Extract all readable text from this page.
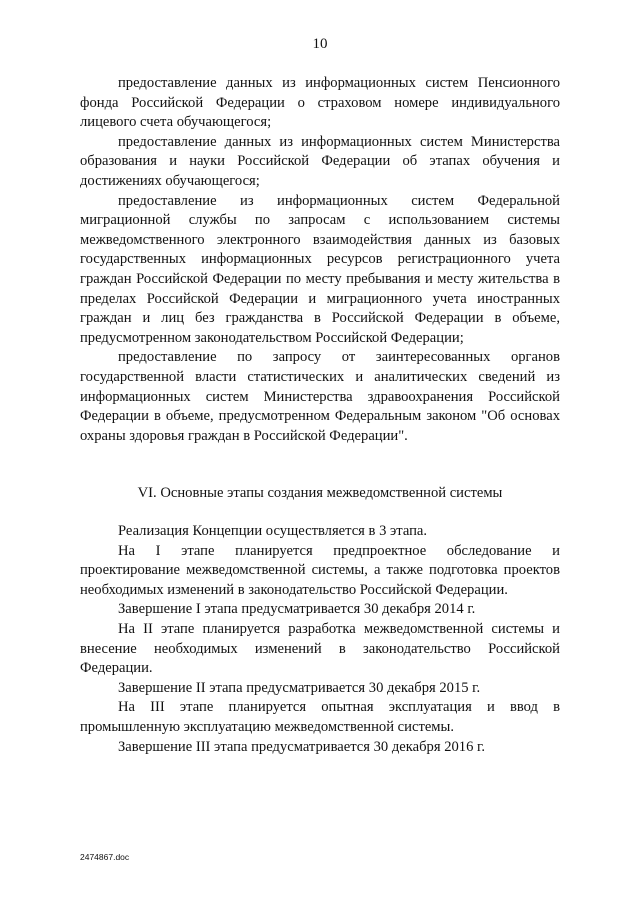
10

предоставление данных из информационных систем Пенсионного фонда Российской Федерации о страховом номере индивидуального лицевого счета обучающегося;

предоставление данных из информационных систем Министерства образования и науки Российской Федерации об этапах обучения и достижениях обучающегося;

предоставление из информационных систем Федеральной миграционной службы по запросам с использованием системы межведомственного электронного взаимодействия данных из базовых государственных информационных ресурсов регистрационного учета граждан Российской Федерации по месту пребывания и месту жительства в пределах Российской Федерации и миграционного учета иностранных граждан и лиц без гражданства в Российской Федерации в объеме, предусмотренном законодательством Российской Федерации;

предоставление по запросу от заинтересованных органов государственной власти статистических и аналитических сведений из информационных систем Министерства здравоохранения Российской Федерации в объеме, предусмотренном Федеральным законом "Об основах охраны здоровья граждан в Российской Федерации".

VI. Основные этапы создания межведомственной системы

Реализация Концепции осуществляется в 3 этапа.

На I этапе планируется предпроектное обследование и проектирование межведомственной системы, а также подготовка проектов необходимых изменений в законодательство Российской Федерации.

Завершение I этапа предусматривается 30 декабря 2014 г.

На II этапе планируется разработка межведомственной системы и внесение необходимых изменений в законодательство Российской Федерации.

Завершение II этапа предусматривается 30 декабря 2015 г.

На III этапе планируется опытная эксплуатация и ввод в промышленную эксплуатацию межведомственной системы.

Завершение III этапа предусматривается 30 декабря 2016 г.

2474867.doc
